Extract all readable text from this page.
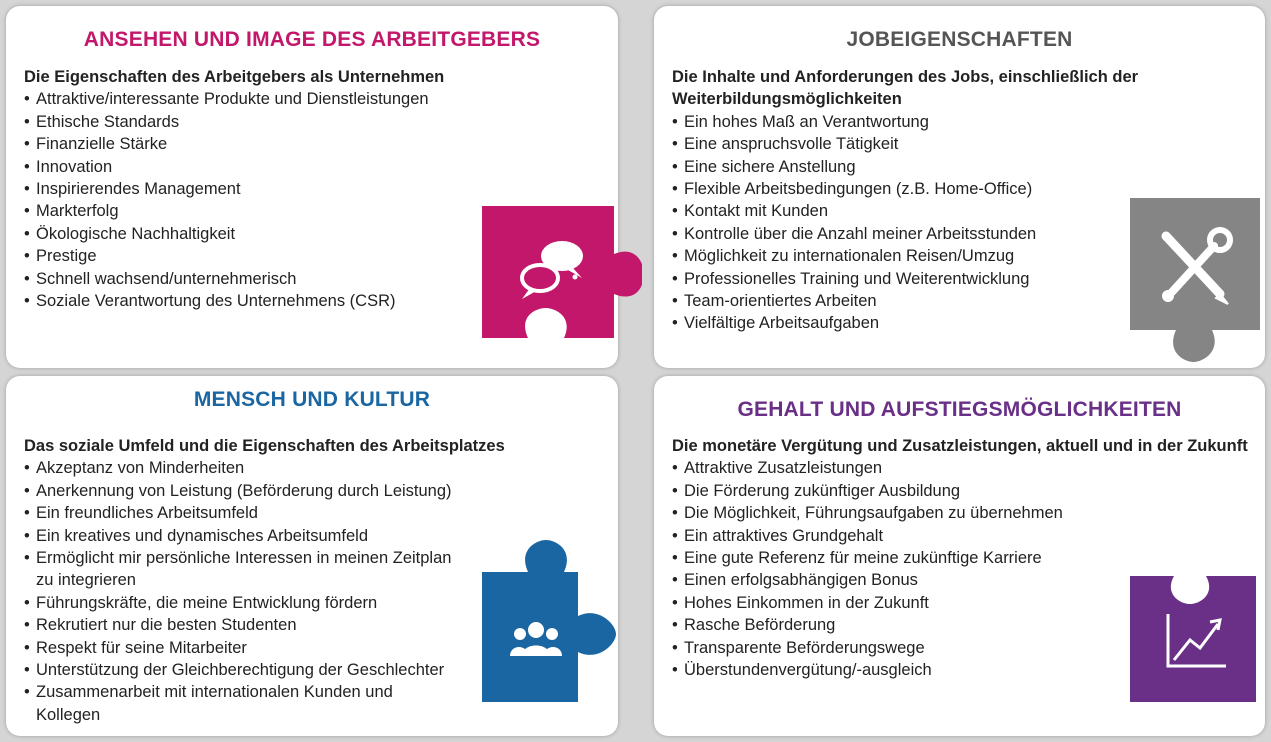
ANSEHEN UND IMAGE DES ARBEITGEBERS
Die Eigenschaften des Arbeitgebers als Unternehmen
• Attraktive/interessante Produkte und Dienstleistungen
• Ethische Standards
• Finanzielle Stärke
• Innovation
• Inspirierendes Management
• Markterfolg
• Ökologische Nachhaltigkeit
• Prestige
• Schnell wachsend/unternehmerisch
• Soziale Verantwortung des Unternehmens (CSR)
JOBEIGENSCHAFTEN
Die Inhalte und Anforderungen des Jobs, einschließlich der Weiterbildungsmöglichkeiten
• Ein hohes Maß an Verantwortung
• Eine anspruchsvolle Tätigkeit
• Eine sichere Anstellung
• Flexible Arbeitsbedingungen (z.B. Home-Office)
• Kontakt mit Kunden
• Kontrolle über die Anzahl meiner Arbeitsstunden
• Möglichkeit zu internationalen Reisen/Umzug
• Professionelles Training und Weiterentwicklung
• Team-orientiertes Arbeiten
• Vielfältige Arbeitsaufgaben
MENSCH UND KULTUR
Das soziale Umfeld und die Eigenschaften des Arbeitsplatzes
• Akzeptanz von Minderheiten
• Anerkennung von Leistung (Beförderung durch Leistung)
• Ein freundliches Arbeitsumfeld
• Ein kreatives und dynamisches Arbeitsumfeld
• Ermöglicht mir persönliche Interessen in meinen Zeitplan zu integrieren
• Führungskräfte, die meine Entwicklung fördern
• Rekrutiert nur die besten Studenten
• Respekt für seine Mitarbeiter
• Unterstützung der Gleichberechtigung der Geschlechter
• Zusammenarbeit mit internationalen Kunden und Kollegen
GEHALT UND AUFSTIEGSMÖGLICHKEITEN
Die monetäre Vergütung und Zusatzleistungen, aktuell und in der Zukunft
• Attraktive Zusatzleistungen
• Die Förderung zukünftiger Ausbildung
• Die Möglichkeit, Führungsaufgaben zu übernehmen
• Ein attraktives Grundgehalt
• Eine gute Referenz für meine zukünftige Karriere
• Einen erfolgsabhängigen Bonus
• Hohes Einkommen in der Zukunft
• Rasche Beförderung
• Transparente Beförderungswege
• Überstundenvergütung/-ausgleich
